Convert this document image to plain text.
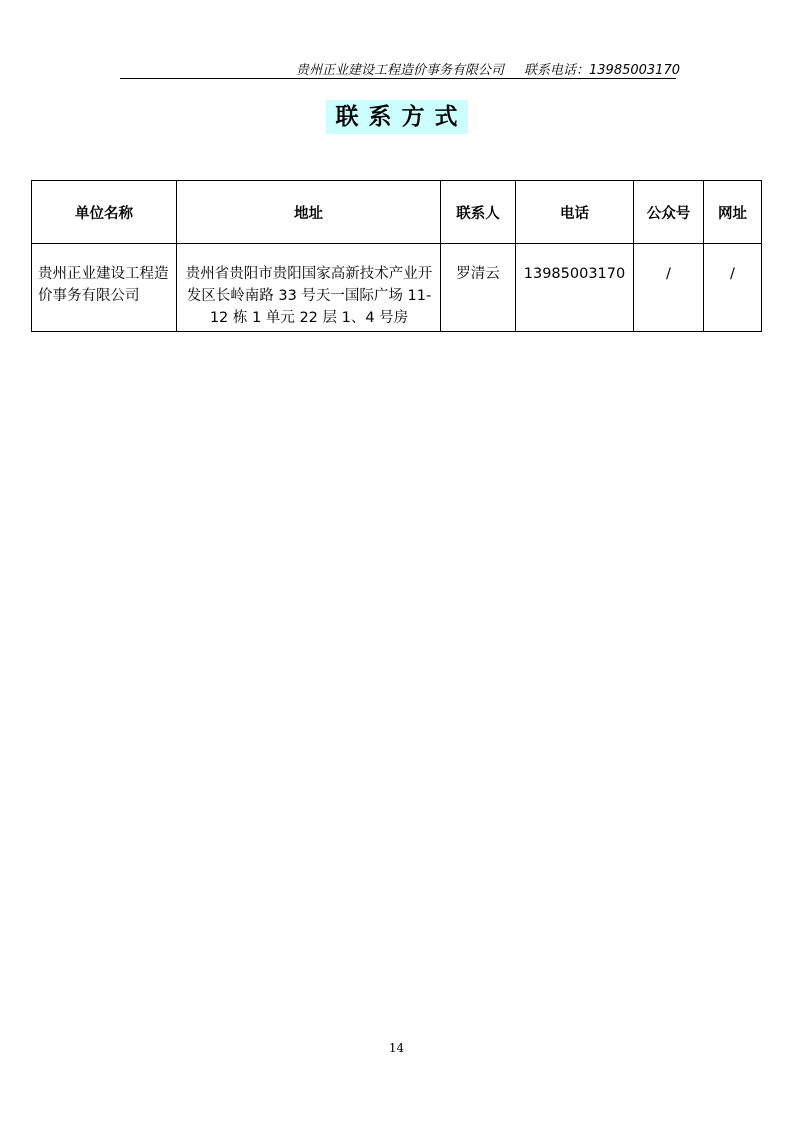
贵州正业建设工程造价事务有限公司 联系电话：13985003170
联系方式
单位名称	地址	联系人	电话	公众号	网址
贵州正业建设工程造价事务有限公司	贵州省贵阳市贵阳国家高新技术产业开发区长岭南路 33 号天一国际广场 11-12 栋 1 单元 22 层 1、4 号房	罗清云	13985003170	/	/
14
